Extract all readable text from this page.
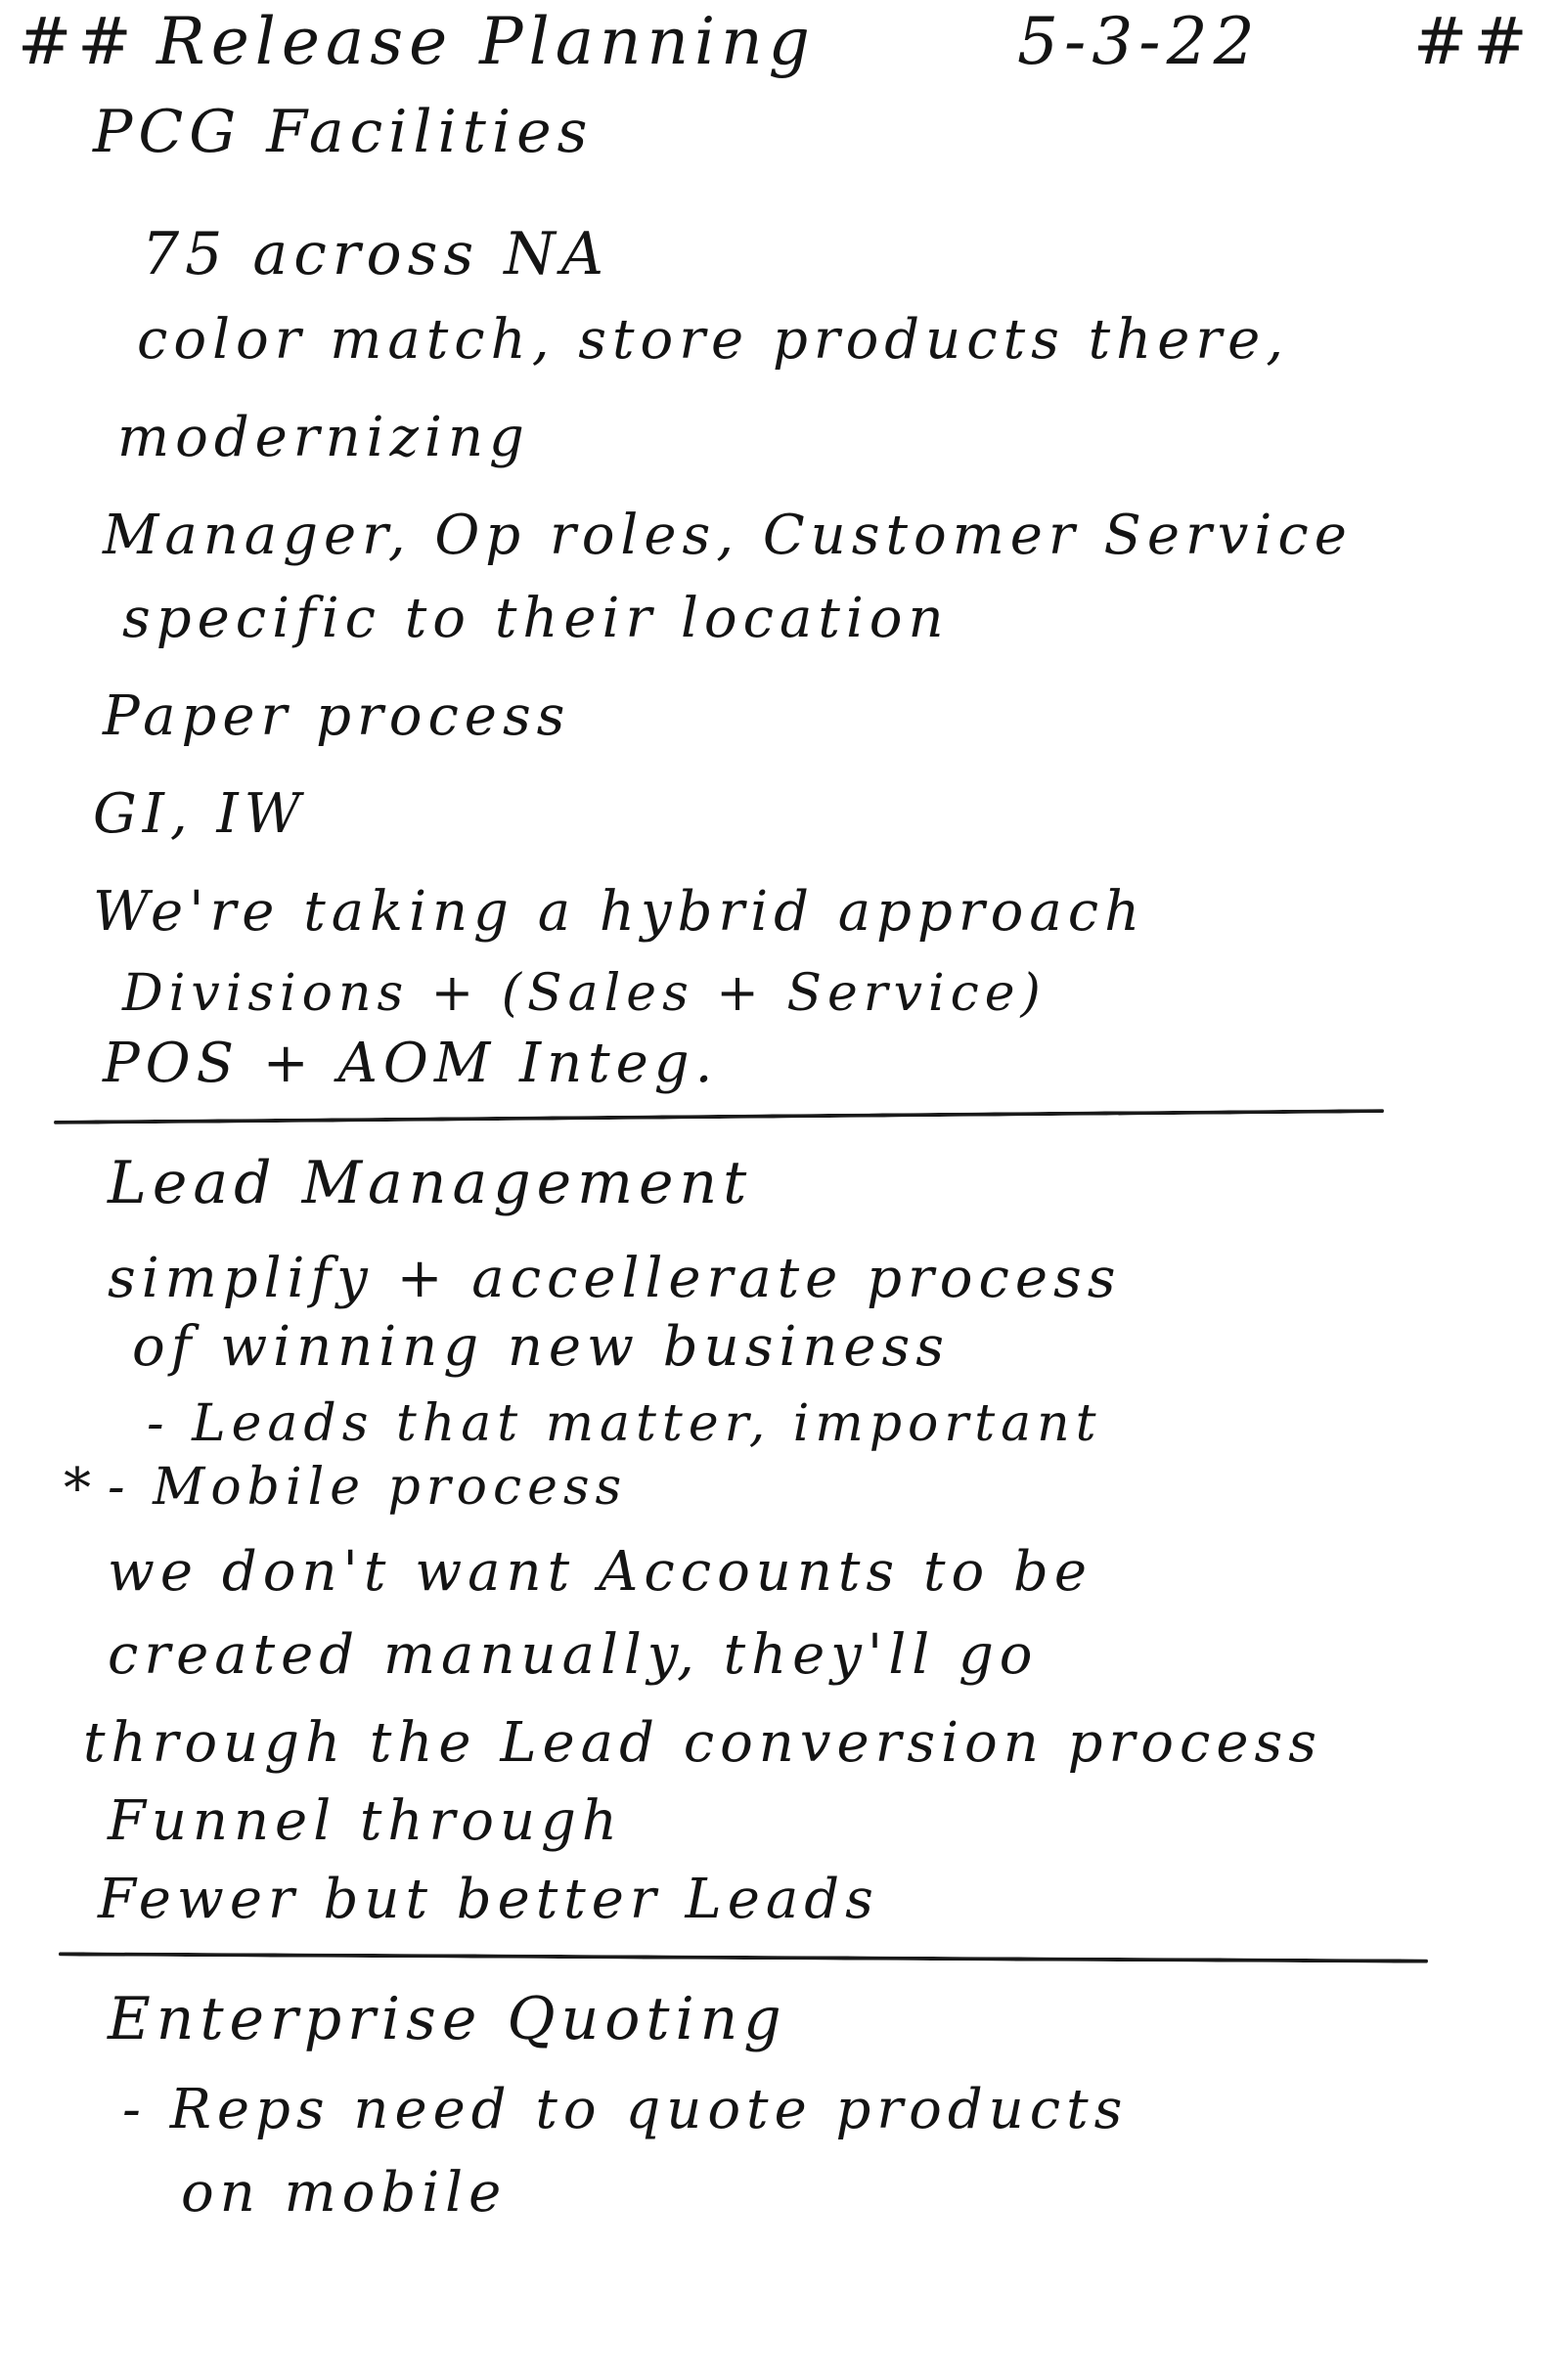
## Release Planning	5-3-22 ##
PCG Facilities
75 across NA
color match, store products there,
modernizing
Manager, Op roles, Customer Service
specific to their location
Paper process
GI, IW
We're taking a hybrid approach
Divisions + (Sales + Service)
POS + AOM Integ.
Lead Management
simplify + accellerate process
of winning new business
- Leads that matter, important
* - Mobile process
we don't want Accounts to be
created manually, they'll go
through the Lead conversion process
Funnel through
Fewer but better Leads
Enterprise Quoting
- Reps need to quote products
on mobile
